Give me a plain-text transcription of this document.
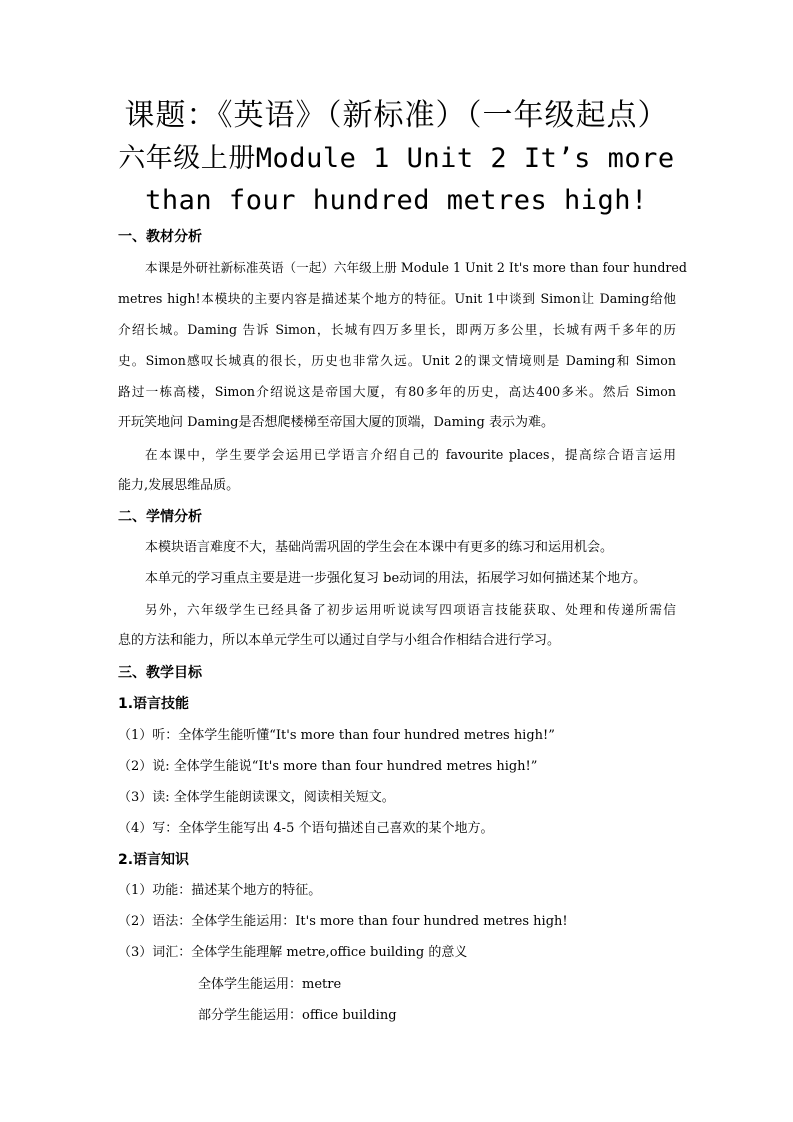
课题：《英语》（新标准）（一年级起点）
六年级上册Module 1 Unit 2 It’s more
than four hundred metres high!
一、教材分析
本课是外研社新标准英语（一起）六年级上册 Module 1 Unit 2 It's more than four hundred
metres high!本模块的主要内容是描述某个地方的特征。Unit 1中谈到 Simon让 Daming给他
介绍长城。Daming 告诉 Simon，长城有四万多里长，即两万多公里，长城有两千多年的历
史。Simon感叹长城真的很长，历史也非常久远。Unit 2的课文情境则是 Daming和 Simon
路过一栋高楼，Simon介绍说这是帝国大厦，有80多年的历史，高达400多米。然后 Simon
开玩笑地问 Daming是否想爬楼梯至帝国大厦的顶端，Daming 表示为难。
在本课中，学生要学会运用已学语言介绍自己的 favourite places，提高综合语言运用
能力,发展思维品质。
二、学情分析
本模块语言难度不大，基础尚需巩固的学生会在本课中有更多的练习和运用机会。
本单元的学习重点主要是进一步强化复习 be动词的用法，拓展学习如何描述某个地方。
另外，六年级学生已经具备了初步运用听说读写四项语言技能获取、处理和传递所需信
息的方法和能力，所以本单元学生可以通过自学与小组合作相结合进行学习。
三、教学目标
1.语言技能
（1）听：全体学生能听懂“It's more than four hundred metres high!”
（2）说: 全体学生能说“It's more than four hundred metres high!”
（3）读: 全体学生能朗读课文，阅读相关短文。
（4）写：全体学生能写出 4-5 个语句描述自己喜欢的某个地方。
2.语言知识
（1）功能：描述某个地方的特征。
（2）语法：全体学生能运用：It's more than four hundred metres high!
（3）词汇：全体学生能理解 metre,office building 的意义
全体学生能运用：metre
部分学生能运用：office building
